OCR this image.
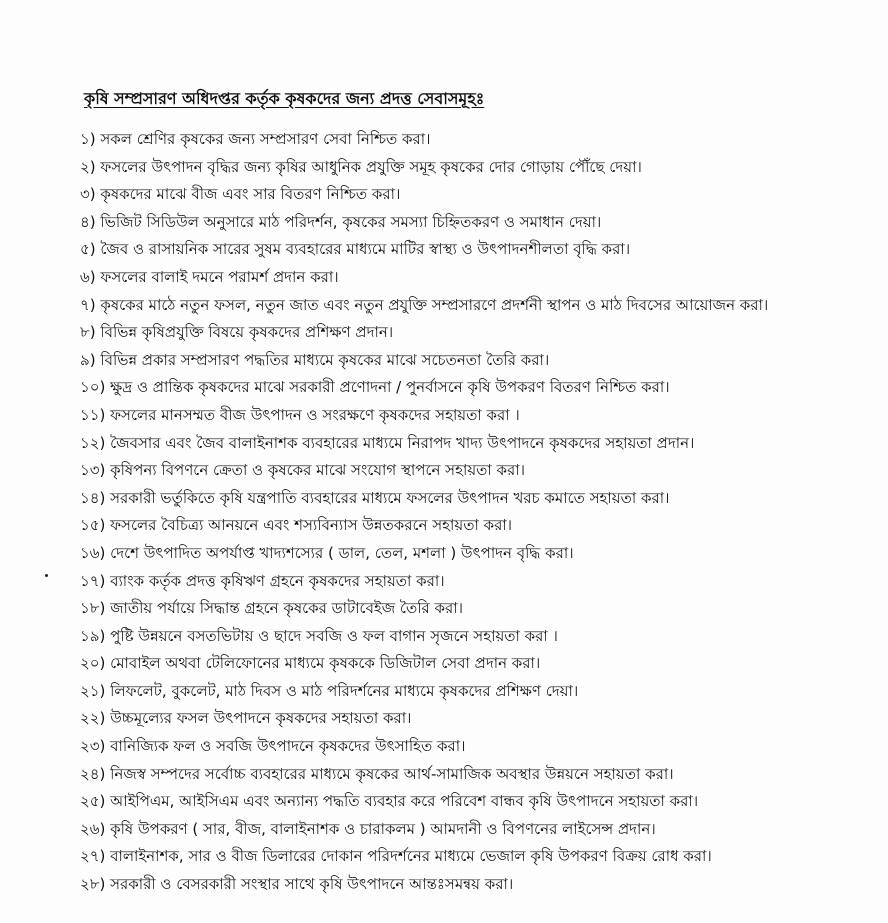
কৃষি সম্প্রসারণ অধিদপ্তর কর্তৃক কৃষকদের জন্য প্রদত্ত সেবাসমূহঃ
১) সকল শ্রেণির কৃষকের জন্য সম্প্রসারণ সেবা নিশ্চিত করা।
২) ফসলের উৎপাদন বৃদ্ধির জন্য কৃষির আধুনিক প্রযুক্তি সমূহ কৃষকের দোর গোড়ায় পৌঁছে দেয়া।
৩) কৃষকদের মাঝে বীজ এবং সার বিতরণ নিশ্চিত করা।
৪) ভিজিট সিডিউল অনুসারে মাঠ পরিদর্শন, কৃষকের সমস্যা চিহ্নিতকরণ ও সমাধান দেয়া।
৫) জৈব ও রাসায়নিক সারের সুষম ব্যবহারের মাধ্যমে মাটির স্বাস্থ্য ও উৎপাদনশীলতা বৃদ্ধি করা।
৬) ফসলের বালাই দমনে পরামর্শ প্রদান করা।
৭) কৃষকের মাঠে নতুন ফসল, নতুন জাত এবং নতুন প্রযুক্তি সম্প্রসারণে প্রদর্শনী স্থাপন ও মাঠ দিবসের আয়োজন করা।
৮) বিভিন্ন কৃষিপ্রযুক্তি বিষয়ে কৃষকদের প্রশিক্ষণ প্রদান।
৯) বিভিন্ন প্রকার সম্প্রসারণ পদ্ধতির মাধ্যমে কৃষকের মাঝে সচেতনতা তৈরি করা।
১০) ক্ষুদ্র ও প্রান্তিক কৃষকদের মাঝে সরকারী প্রণোদনা / পুনর্বাসনে কৃষি উপকরণ বিতরণ নিশ্চিত করা।
১১) ফসলের মানসম্মত বীজ উৎপাদন ও সংরক্ষণে কৃষকদের সহায়তা করা ।
১২) জৈবসার এবং জৈব বালাইনাশক ব্যবহারের মাধ্যমে নিরাপদ খাদ্য উৎপাদনে কৃষকদের সহায়তা প্রদান।
১৩) কৃষিপন্য বিপণনে ক্রেতা ও কৃষকের মাঝে সংযোগ স্থাপনে সহায়তা করা।
১৪) সরকারী ভর্তুকিতে কৃষি যন্ত্রপাতি ব্যবহারের মাধ্যমে ফসলের উৎপাদন খরচ কমাতে সহায়তা করা।
১৫) ফসলের বৈচিত্র্য আনয়নে এবং শস্যবিন্যাস উন্নতকরনে সহায়তা করা।
১৬) দেশে উৎপাদিত অপর্যাপ্ত খাদ্যশস্যের ( ডাল, তেল, মশলা ) উৎপাদন বৃদ্ধি করা।
১৭) ব্যাংক কর্তৃক প্রদত্ত কৃষিঋণ গ্রহনে কৃষকদের সহায়তা করা।
১৮) জাতীয় পর্যায়ে সিদ্ধান্ত গ্রহনে কৃষকের ডাটাবেইজ তৈরি করা।
১৯) পুষ্টি উন্নয়নে বসতভিটায় ও ছাদে সবজি ও ফল বাগান সৃজনে সহায়তা করা ।
২০) মোবাইল অথবা টেলিফোনের মাধ্যমে কৃষককে ডিজিটাল সেবা প্রদান করা।
২১) লিফলেট, বুকলেট, মাঠ দিবস ও মাঠ পরিদর্শনের মাধ্যমে কৃষকদের প্রশিক্ষণ দেয়া।
২২) উচ্চমূল্যের ফসল উৎপাদনে কৃষকদের সহায়তা করা।
২৩) বানিজ্যিক ফল ও সবজি উৎপাদনে কৃষকদের উৎসাহিত করা।
২৪) নিজস্ব সম্পদের সর্বোচ্চ ব্যবহারের মাধ্যমে কৃষকের আর্থ-সামাজিক অবস্থার উন্নয়নে সহায়তা করা।
২৫) আইপিএম, আইসিএম এবং অন্যান্য পদ্ধতি ব্যবহার করে পরিবেশ বান্ধব কৃষি উৎপাদনে সহায়তা করা।
২৬) কৃষি উপকরণ ( সার, বীজ, বালাইনাশক ও চারাকলম ) আমদানী ও বিপণনের লাইসেন্স প্রদান।
২৭) বালাইনাশক, সার ও বীজ ডিলারের দোকান পরিদর্শনের মাধ্যমে ভেজাল কৃষি উপকরণ বিক্রয় রোধ করা।
২৮) সরকারী ও বেসরকারী সংস্থার সাথে কৃষি উৎপাদনে আন্তঃসমন্বয় করা।
